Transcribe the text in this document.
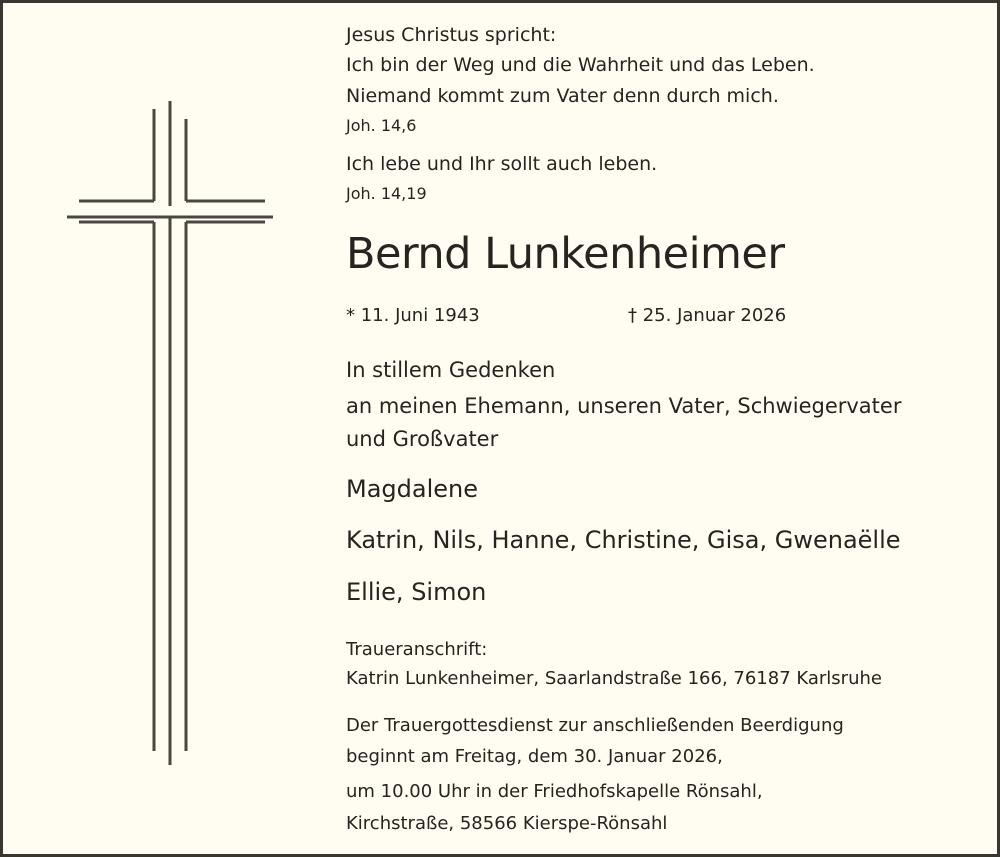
Jesus Christus spricht:

Ich bin der Weg und die Wahrheit und das Leben.

Niemand kommt zum Vater denn durch mich.

Joh. 14,6

Ich lebe und Ihr sollt auch leben.

Joh. 14,19

Bernd Lunkenheimer

* 11. Juni 1943	† 25. Januar 2026

In stillem Gedenken

an meinen Ehemann, unseren Vater, Schwiegervater

und Großvater

Magdalene

Katrin, Nils, Hanne, Christine, Gisa, Gwenaëlle

Ellie, Simon

Traueranschrift:

Katrin Lunkenheimer, Saarlandstraße 166, 76187 Karlsruhe

Der Trauergottesdienst zur anschließenden Beerdigung

beginnt am Freitag, dem 30. Januar 2026,

um 10.00 Uhr in der Friedhofskapelle Rönsahl,

Kirchstraße, 58566 Kierspe-Rönsahl
